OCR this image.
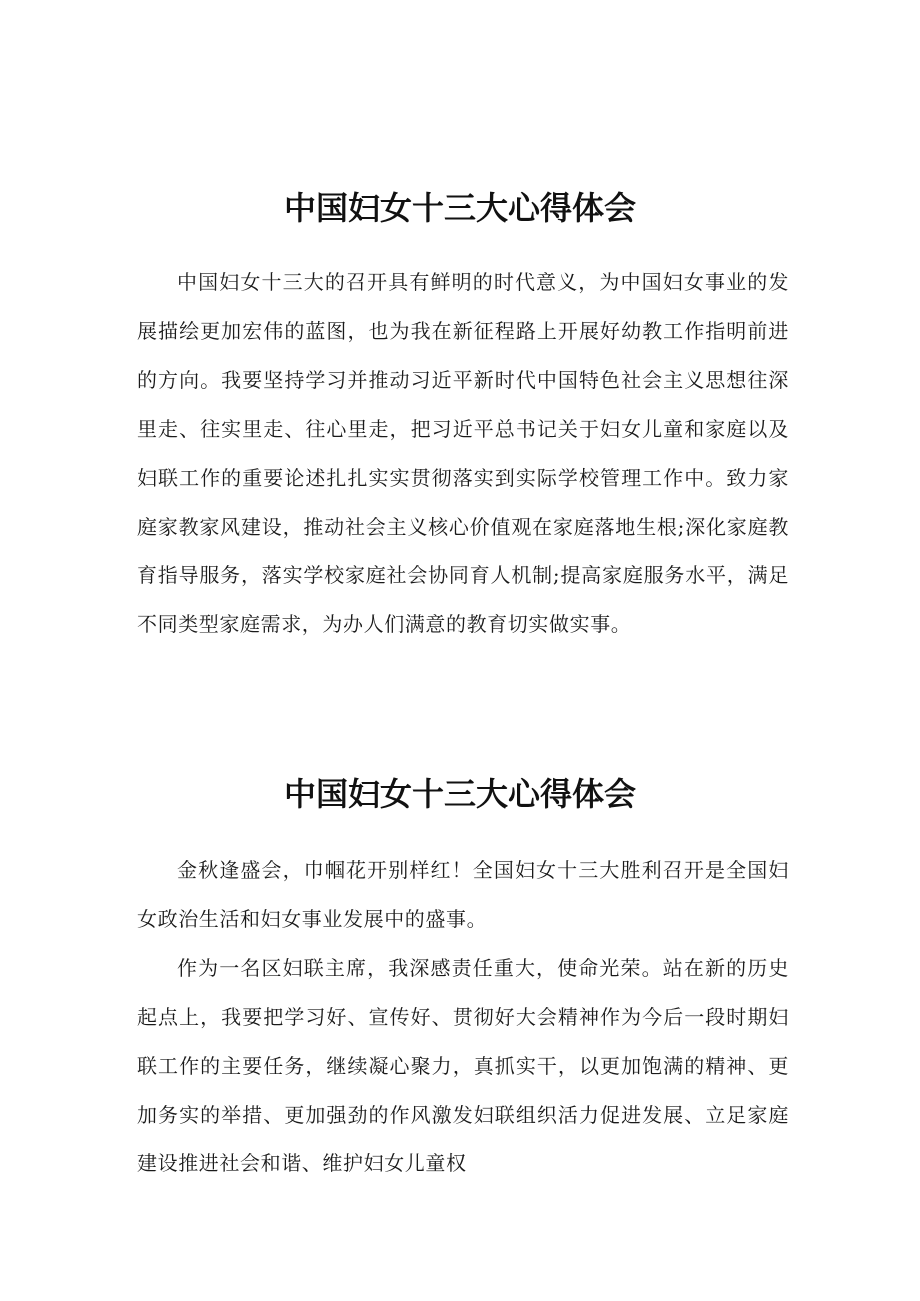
中国妇女十三大心得体会

中国妇女十三大的召开具有鲜明的时代意义，为中国妇女事业的发展描绘更加宏伟的蓝图，也为我在新征程路上开展好幼教工作指明前进的方向。我要坚持学习并推动习近平新时代中国特色社会主义思想往深里走、往实里走、往心里走，把习近平总书记关于妇女儿童和家庭以及妇联工作的重要论述扎扎实实贯彻落实到实际学校管理工作中。致力家庭家教家风建设，推动社会主义核心价值观在家庭落地生根;深化家庭教育指导服务，落实学校家庭社会协同育人机制;提高家庭服务水平，满足不同类型家庭需求，为办人们满意的教育切实做实事。

中国妇女十三大心得体会

金秋逢盛会，巾帼花开别样红！全国妇女十三大胜利召开是全国妇女政治生活和妇女事业发展中的盛事。

作为一名区妇联主席，我深感责任重大，使命光荣。站在新的历史起点上，我要把学习好、宣传好、贯彻好大会精神作为今后一段时期妇联工作的主要任务，继续凝心聚力，真抓实干，以更加饱满的精神、更加务实的举措、更加强劲的作风激发妇联组织活力促进发展、立足家庭建设推进社会和谐、维护妇女儿童权
